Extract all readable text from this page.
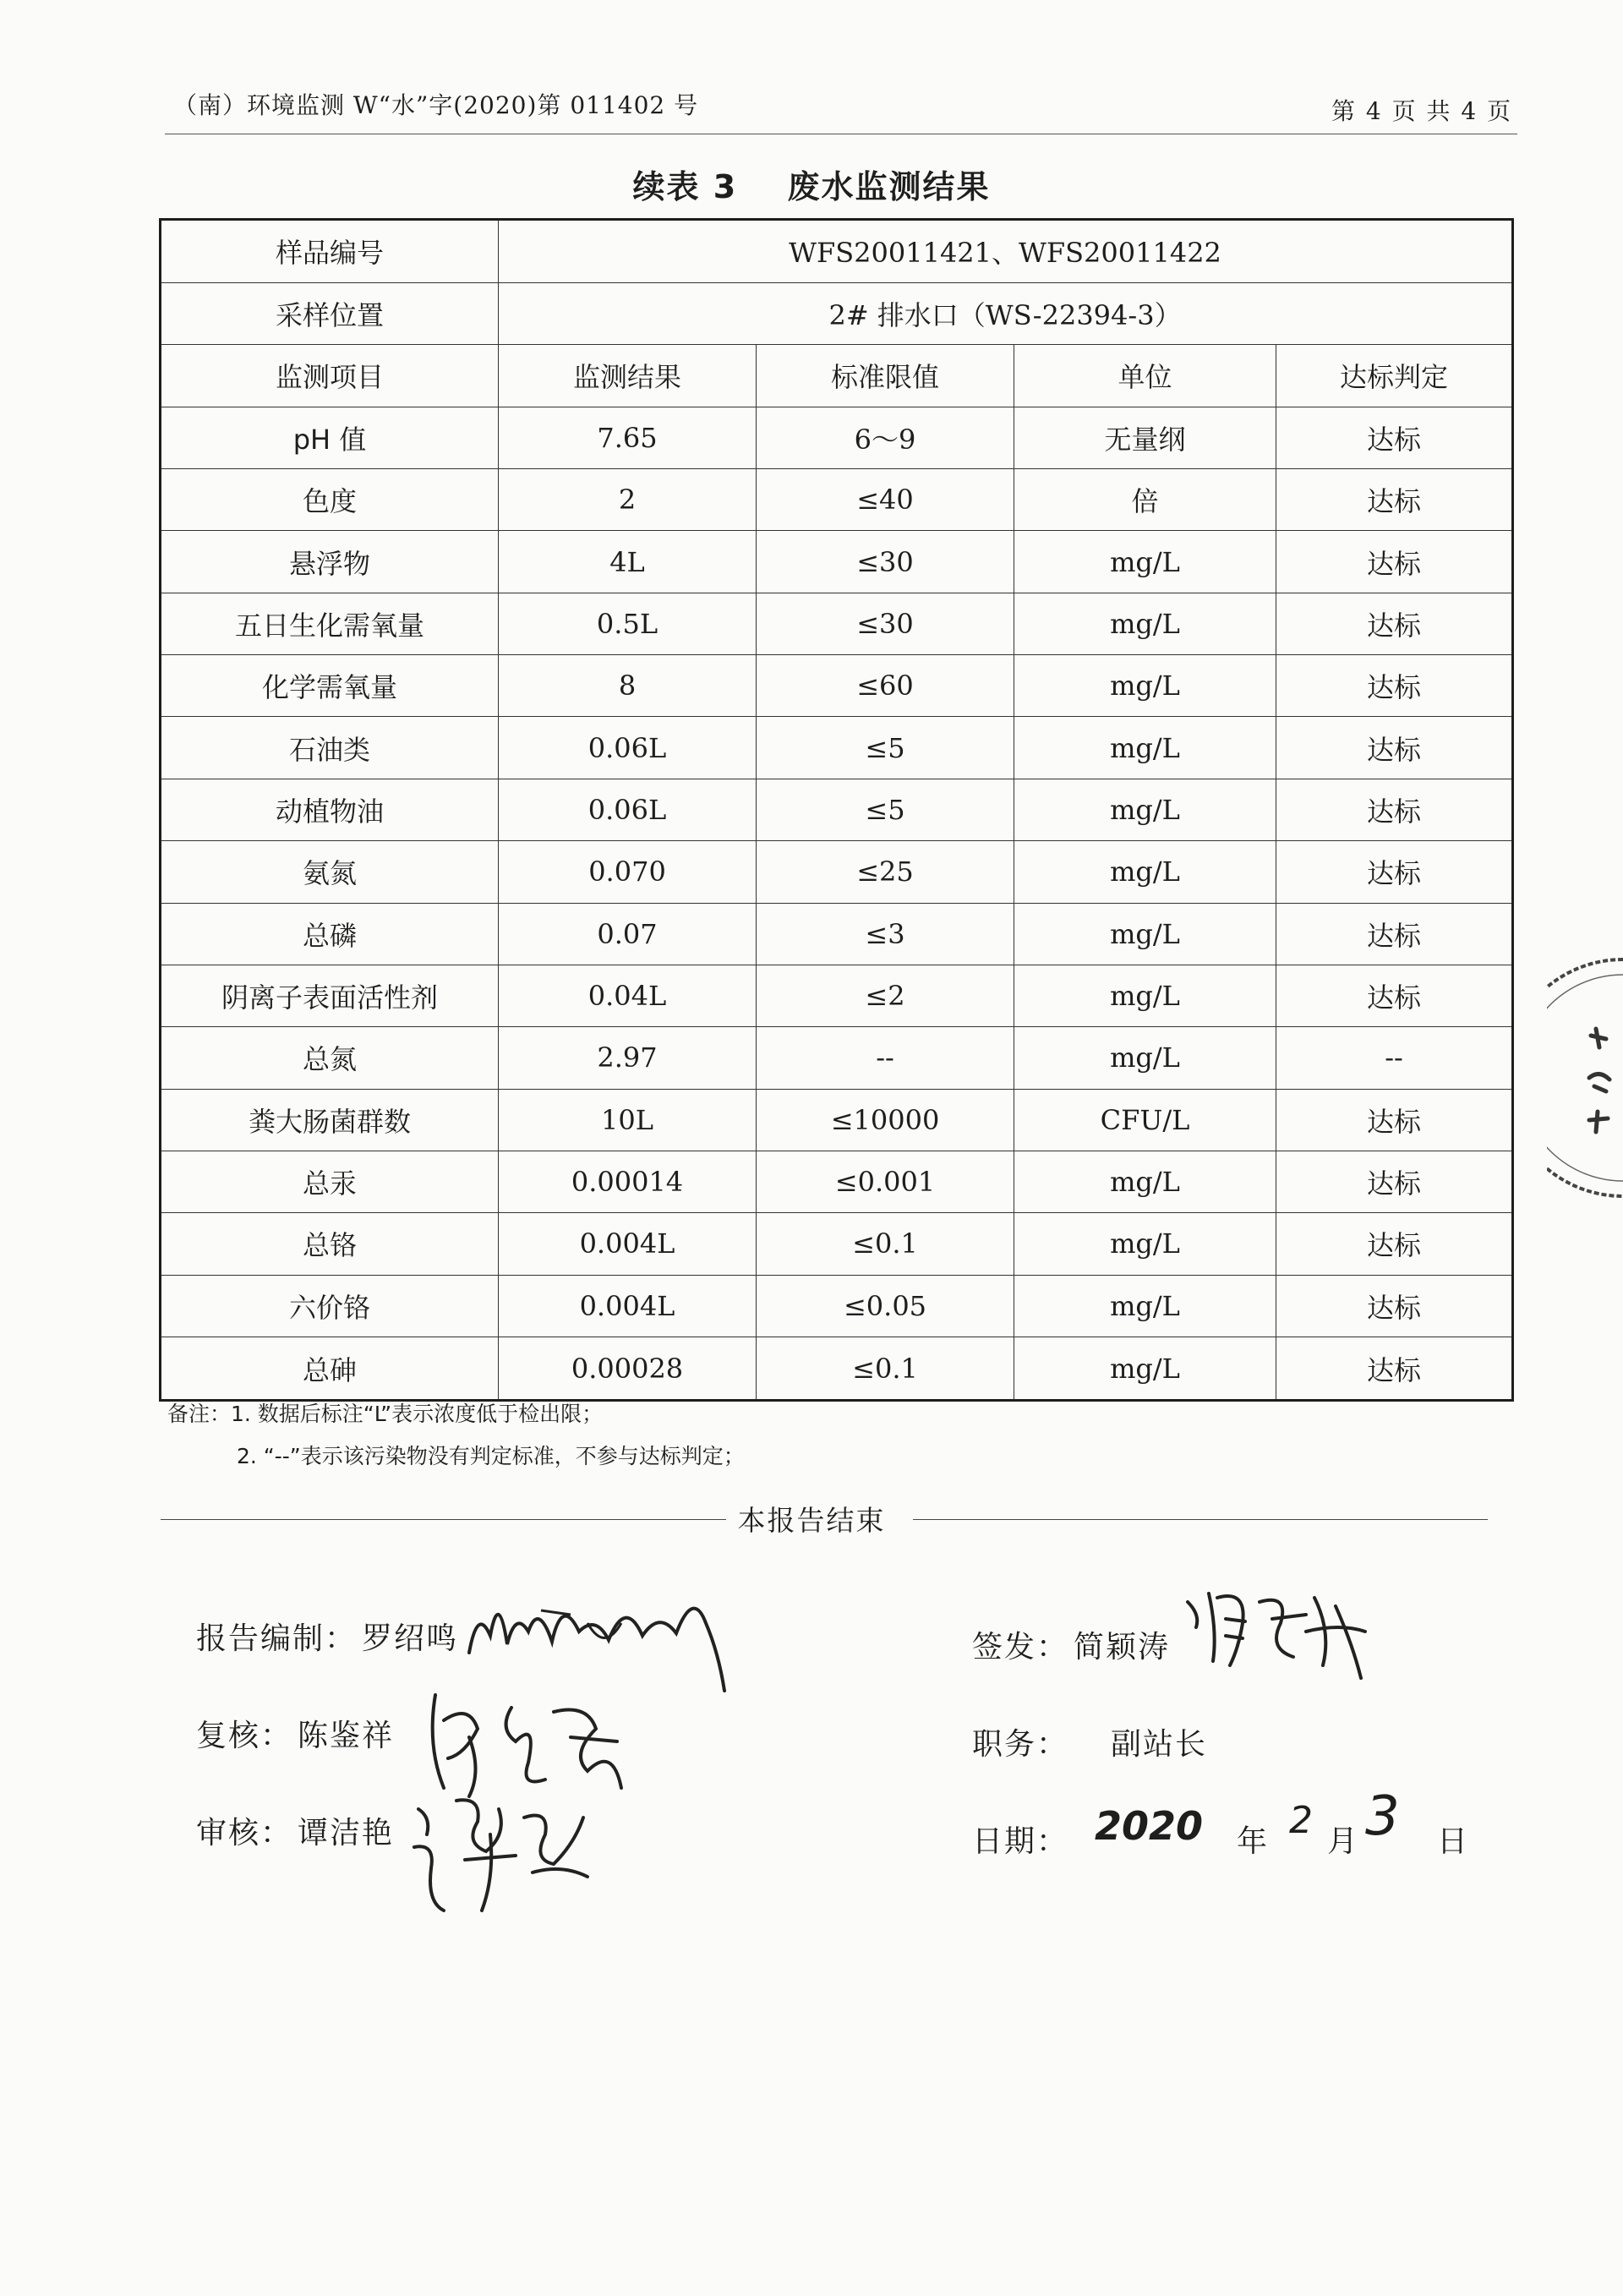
（南）环境监测 W“水”字(2020)第 011402 号	第 4 页 共 4 页
续表 3 废水监测结果
样品编号	WFS20011421、WFS20011422			
采样位置	2# 排水口（WS-22394-3）			
监测项目	监测结果	标准限值	单位	达标判定
pH 值	7.65	6～9	无量纲	达标
色度	2	≤40	倍	达标
悬浮物	4L	≤30	mg/L	达标
五日生化需氧量	0.5L	≤30	mg/L	达标
化学需氧量	8	≤60	mg/L	达标
石油类	0.06L	≤5	mg/L	达标
动植物油	0.06L	≤5	mg/L	达标
氨氮	0.070	≤25	mg/L	达标
总磷	0.07	≤3	mg/L	达标
阴离子表面活性剂	0.04L	≤2	mg/L	达标
总氮	2.97	--	mg/L	--
粪大肠菌群数	10L	≤10000	CFU/L	达标
总汞	0.00014	≤0.001	mg/L	达标
总铬	0.004L	≤0.1	mg/L	达标
六价铬	0.004L	≤0.05	mg/L	达标
总砷	0.00028	≤0.1	mg/L	达标
备注：1. 数据后标注“L”表示浓度低于检出限；
2. “--”表示该污染物没有判定标准，不参与达标判定；
本报告结束
报告编制： 罗绍鸣
复核： 陈鉴祥
审核： 谭洁艳
签发： 简颖涛
职务： 副站长
日期： 2020 年 2 月 3 日
